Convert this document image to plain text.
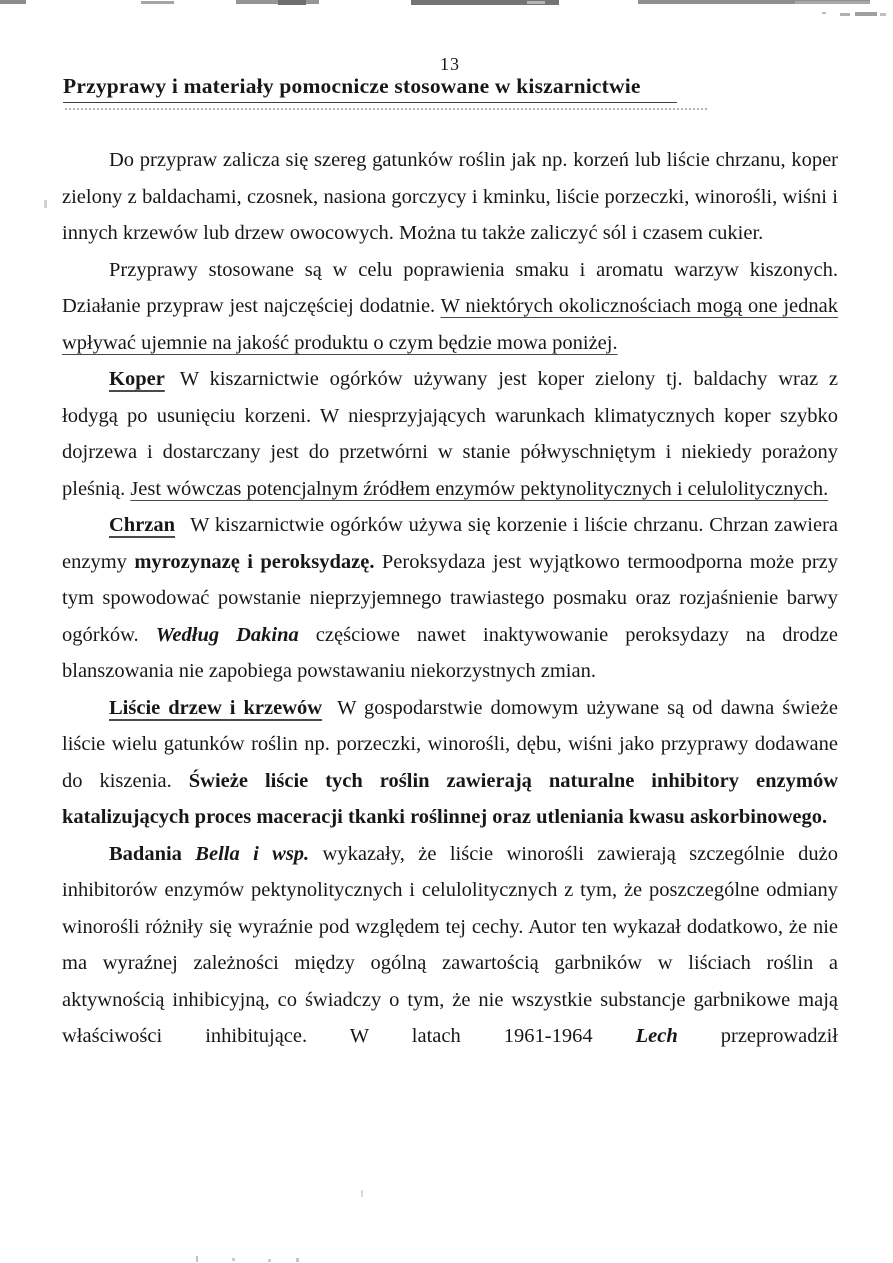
13
Przyprawy i materiały pomocnicze stosowane w kiszarnictwie

Do przypraw zalicza się szereg gatunków roślin jak np. korzeń lub liście chrzanu, koper zielony z baldachami, czosnek, nasiona gorczycy i kminku, liście porzeczki, winorośli, wiśni i innych krzewów lub drzew owocowych. Można tu także zaliczyć sól i czasem cukier.

Przyprawy stosowane są w celu poprawienia smaku i aromatu warzyw kiszonych. Działanie przypraw jest najczęściej dodatnie. W niektórych okolicznościach mogą one jednak wpływać ujemnie na jakość produktu o czym będzie mowa poniżej.

Koper W kiszarnictwie ogórków używany jest koper zielony tj. baldachy wraz z łodygą po usunięciu korzeni. W niesprzyjających warunkach klimatycznych koper szybko dojrzewa i dostarczany jest do przetwórni w stanie półwyschniętym i niekiedy porażony pleśnią. Jest wówczas potencjalnym źródłem enzymów pektynolitycznych i celulolitycznych.

Chrzan W kiszarnictwie ogórków używa się korzenie i liście chrzanu. Chrzan zawiera enzymy myrozynazę i peroksydazę. Peroksydaza jest wyjątkowo termoodporna może przy tym spowodować powstanie nieprzyjemnego trawiastego posmaku oraz rozjaśnienie barwy ogórków. Według Dakina częściowe nawet inaktywowanie peroksydazy na drodze blanszowania nie zapobiega powstawaniu niekorzystnych zmian.

Liście drzew i krzewów W gospodarstwie domowym używane są od dawna świeże liście wielu gatunków roślin np. porzeczki, winorośli, dębu, wiśni jako przyprawy dodawane do kiszenia. Świeże liście tych roślin zawierają naturalne inhibitory enzymów katalizujących proces maceracji tkanki roślinnej oraz utleniania kwasu askorbinowego.

Badania Bella i wsp. wykazały, że liście winorośli zawierają szczególnie dużo inhibitorów enzymów pektynolitycznych i celulolitycznych z tym, że poszczególne odmiany winorośli różniły się wyraźnie pod względem tej cechy. Autor ten wykazał dodatkowo, że nie ma wyraźnej zależności między ogólną zawartością garbników w liściach roślin a aktywnością inhibicyjną, co świadczy o tym, że nie wszystkie substancje garbnikowe mają właściwości inhibitujące. W latach 1961-1964 Lech przeprowadził
